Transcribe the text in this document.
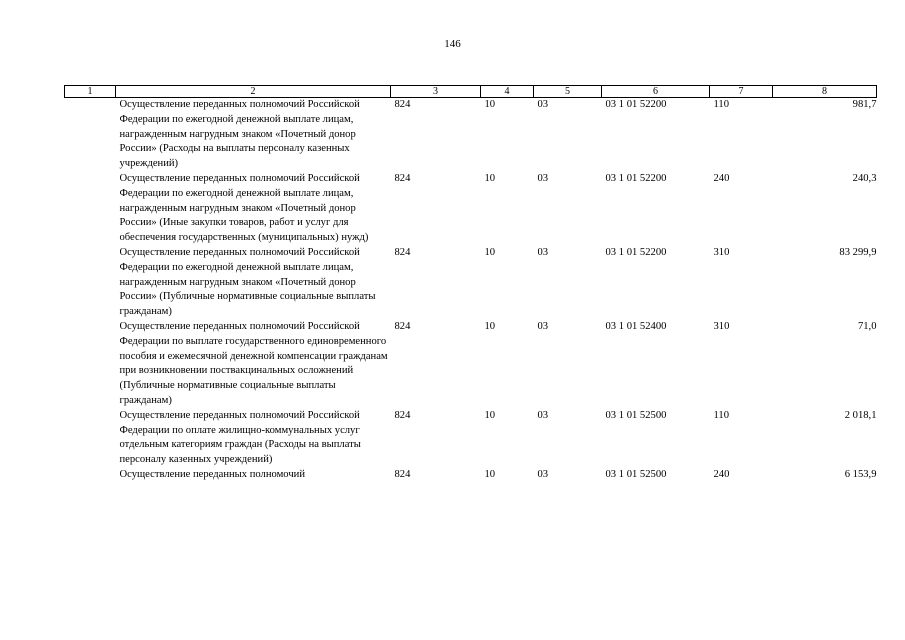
146
1	2	3	4	5	6	7	8
	Осуществление переданных полномочий Российской Федерации по ежегодной денежной выплате лицам, награжденным нагрудным знаком «Почетный донор России» (Расходы на выплаты персоналу казенных учреждений)	824	10	03	03 1 01 52200	110	981,7
	Осуществление переданных полномочий Российской Федерации по ежегодной денежной выплате лицам, награжденным нагрудным знаком «Почетный донор России» (Иные закупки товаров, работ и услуг для обеспечения государственных (муниципальных) нужд)	824	10	03	03 1 01 52200	240	240,3
	Осуществление переданных полномочий Российской Федерации по ежегодной денежной выплате лицам, награжденным нагрудным знаком «Почетный донор России» (Публичные нормативные социальные выплаты гражданам)	824	10	03	03 1 01 52200	310	83 299,9
	Осуществление переданных полномочий Российской Федерации по выплате государственного единовременного пособия и ежемесячной денежной компенсации гражданам при возникновении поствакцинальных осложнений (Публичные нормативные социальные выплаты гражданам)	824	10	03	03 1 01 52400	310	71,0
	Осуществление переданных полномочий Российской Федерации по оплате жилищно-коммунальных услуг отдельным категориям граждан (Расходы на выплаты персоналу казенных учреждений)	824	10	03	03 1 01 52500	110	2 018,1
	Осуществление переданных полномочий	824	10	03	03 1 01 52500	240	6 153,9
